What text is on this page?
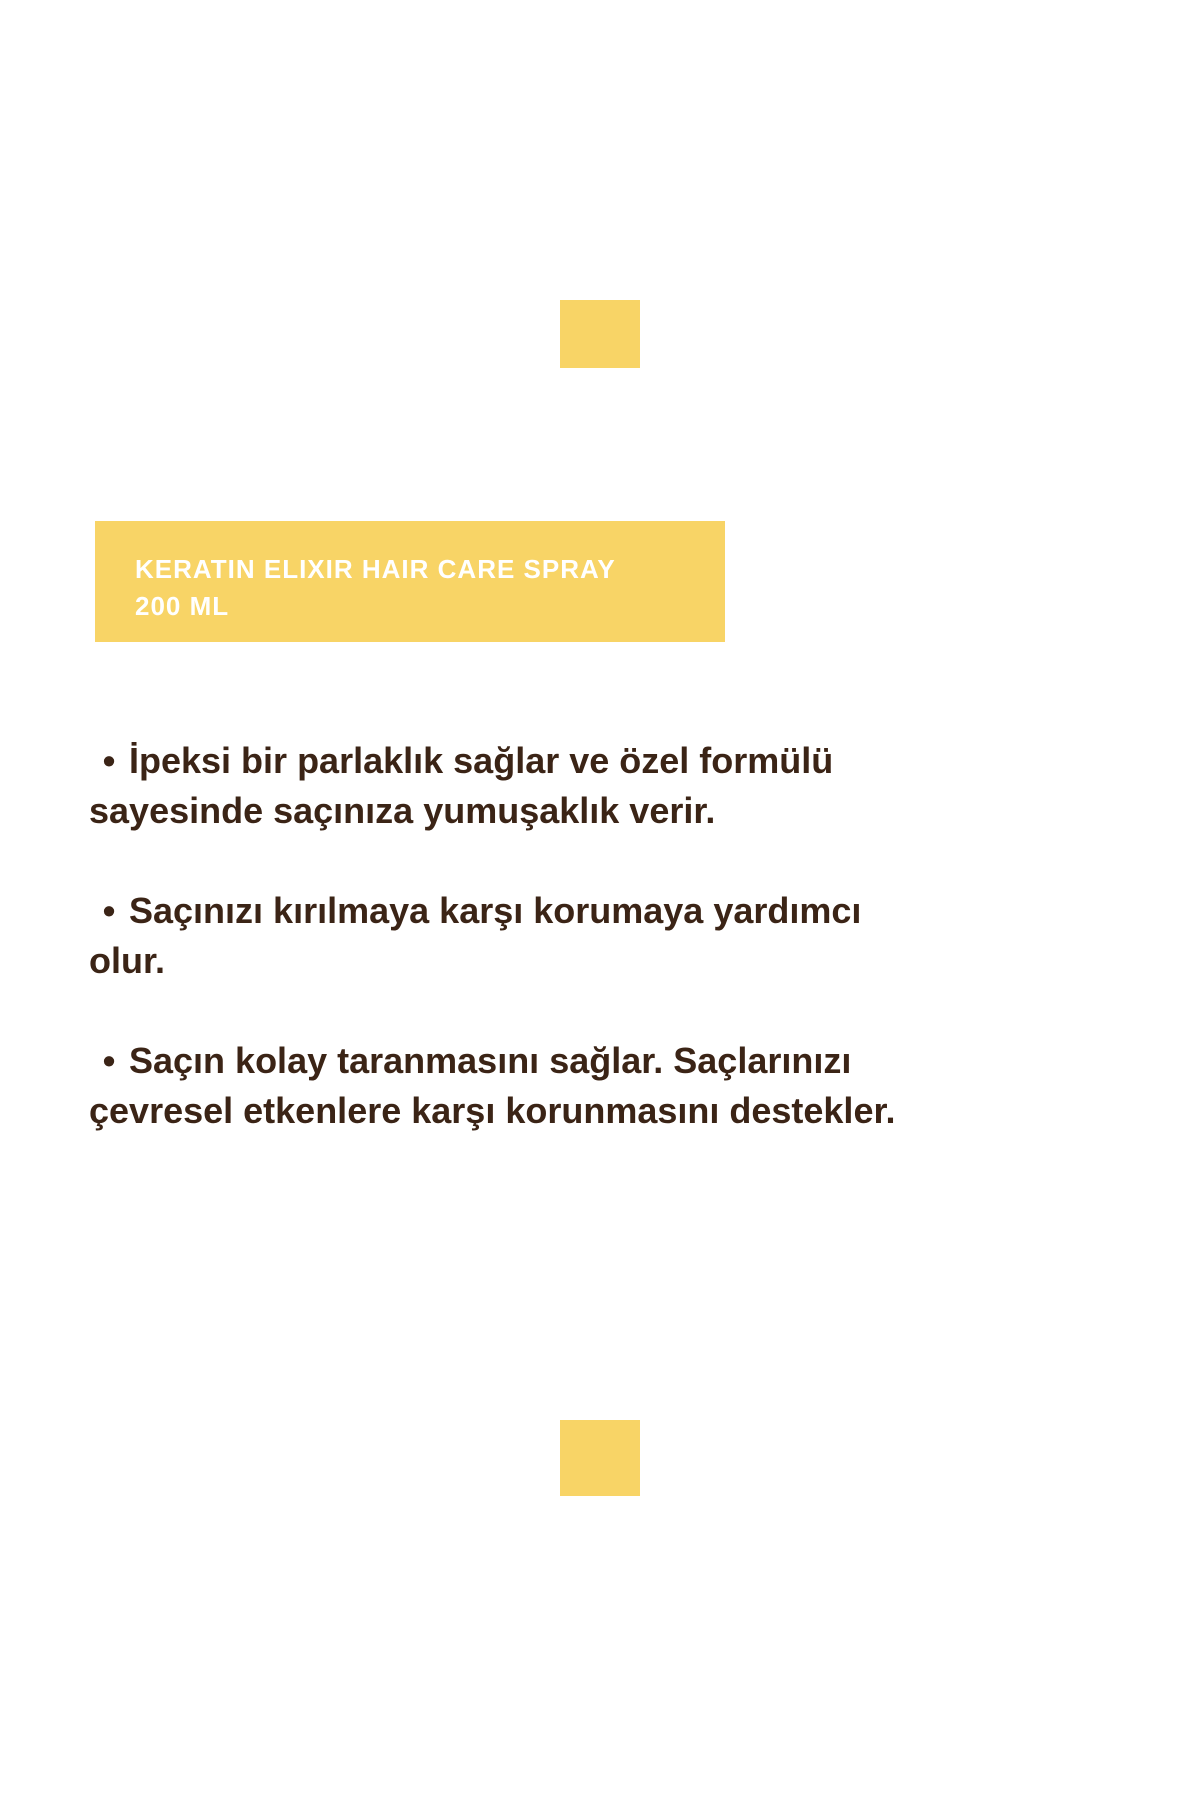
KERATIN ELIXIR HAIR CARE SPRAY
200 ML
• İpeksi bir parlaklık sağlar ve özel formülü
sayesinde saçınıza yumuşaklık verir.
• Saçınızı kırılmaya karşı korumaya yardımcı
olur.
• Saçın kolay taranmasını sağlar. Saçlarınızı
çevresel etkenlere karşı korunmasını destekler.
